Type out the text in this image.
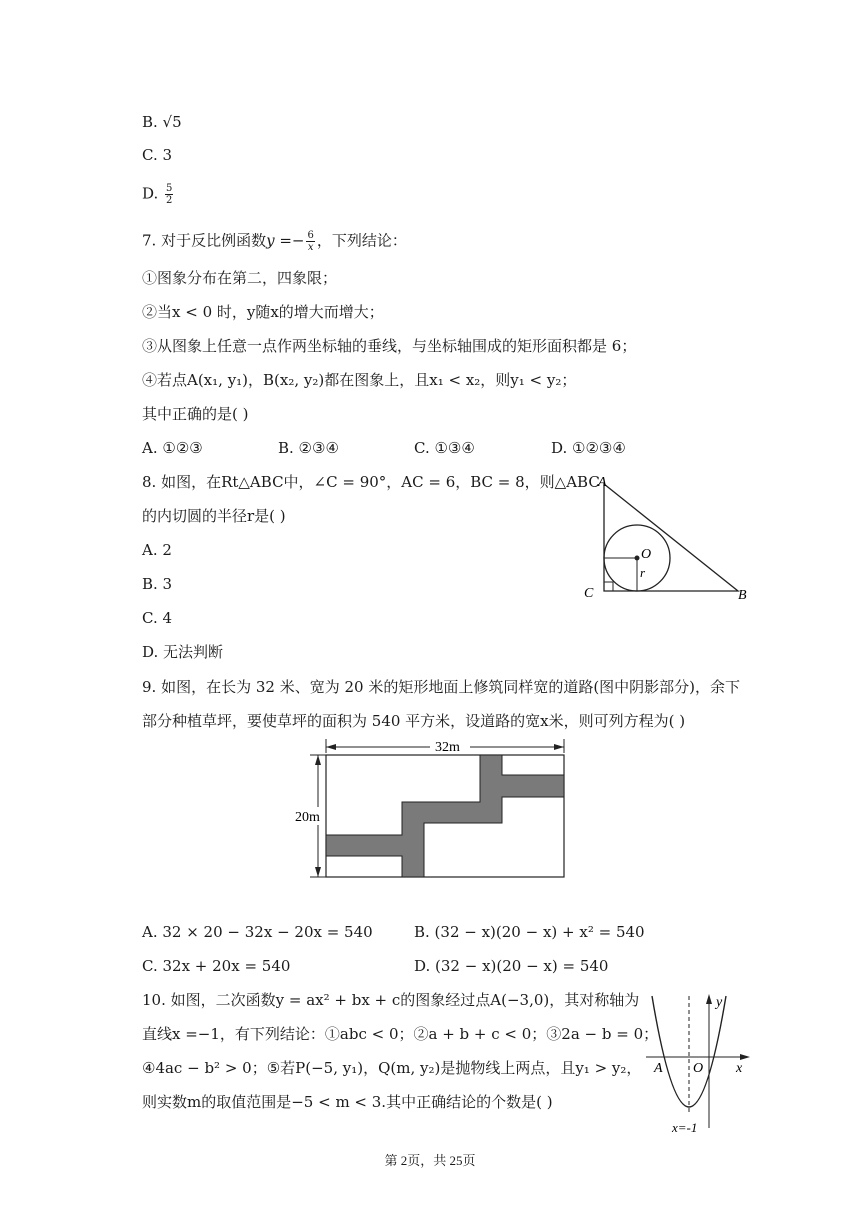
B. √5
C. 3
D. $\frac{5}{2}$
7. 对于反比例函数$y =- \frac{6}{x}$ ，下列结论：
①图象分布在第二，四象限；
②当x < 0 时，y随x的增大而增大；
③从图象上任意一点作两坐标轴的垂线，与坐标轴围成的矩形面积都是 6；
④若点A(x₁, y₁)，B(x₂, y₂)都在图象上，且x₁ < x₂，则y₁ < y₂；
其中正确的是( )
A. ①②③	B. ②③④	C. ①③④	D. ①②③④
8. 如图，在Rt△ABC中，∠C = 90°，AC = 6，BC = 8，则△ABC
的内切圆的半径r是( )
A. 2
B. 3
C. 4
D. 无法判断
A
C	B
O
r
9. 如图，在长为 32 米、宽为 20 米的矩形地面上修筑同样宽的道路(图中阴影部分)，余下
部分种植草坪，要使草坪的面积为 540 平方米，设道路的宽x米，则可列方程为( )
32m
20m
A. 32 × 20 − 32x − 20x = 540	B. (32 − x)(20 − x) + x² = 540
C. 32x + 20x = 540	D. (32 − x)(20 − x) = 540
10. 如图，二次函数y = ax² + bx + c的图象经过点A(−3,0)，其对称轴为
直线x =−1，有下列结论：①abc < 0；②a + b + c < 0；③2a − b = 0；
④4ac − b² > 0；⑤若P(−5, y₁)，Q(m, y₂)是抛物线上两点，且y₁ > y₂，
则实数m的取值范围是−5 < m < 3.其中正确结论的个数是( )
y
x
A O
x=-1
第 2页，共 25页
